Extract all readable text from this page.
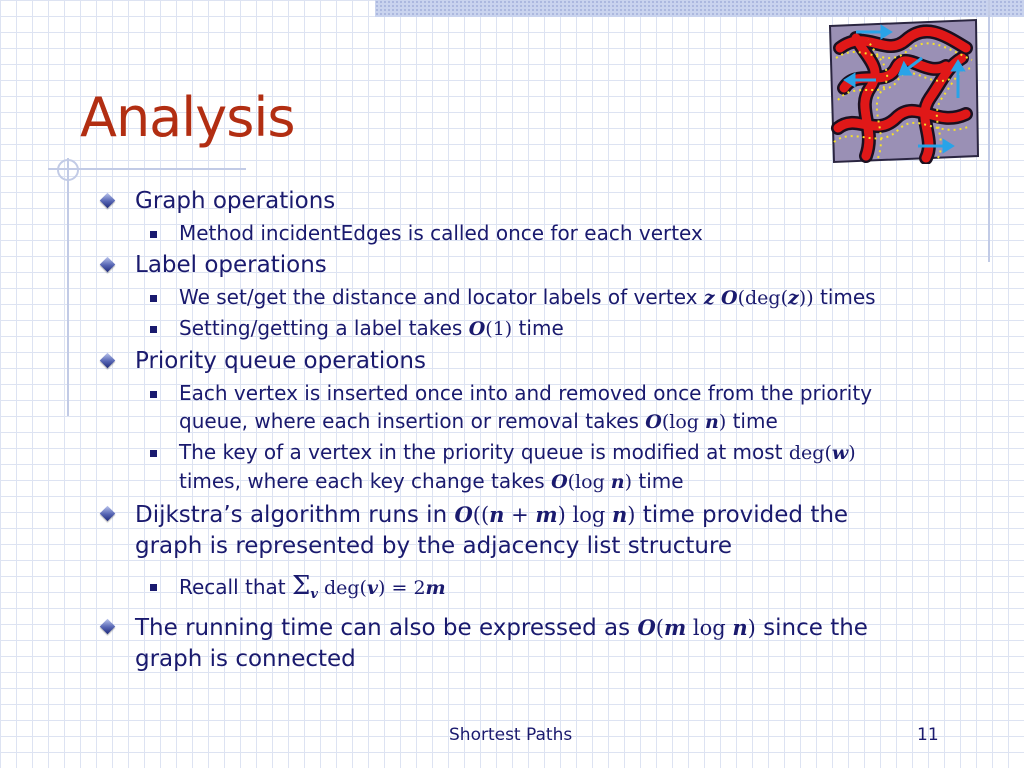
Analysis
Graph operations
Method incidentEdges is called once for each vertex
Label operations
We set/get the distance and locator labels of vertex z O(deg(z)) times
Setting/getting a label takes O(1) time
Priority queue operations
Each vertex is inserted once into and removed once from the priority
queue, where each insertion or removal takes O(log n) time
The key of a vertex in the priority queue is modified at most deg(w)
times, where each key change takes O(log n) time
Dijkstra’s algorithm runs in O((n + m) log n) time provided the
graph is represented by the adjacency list structure
Recall that $\Sigma_v$ deg(v) = 2m
The running time can also be expressed as O(m log n) since the
graph is connected
Shortest Paths	11
